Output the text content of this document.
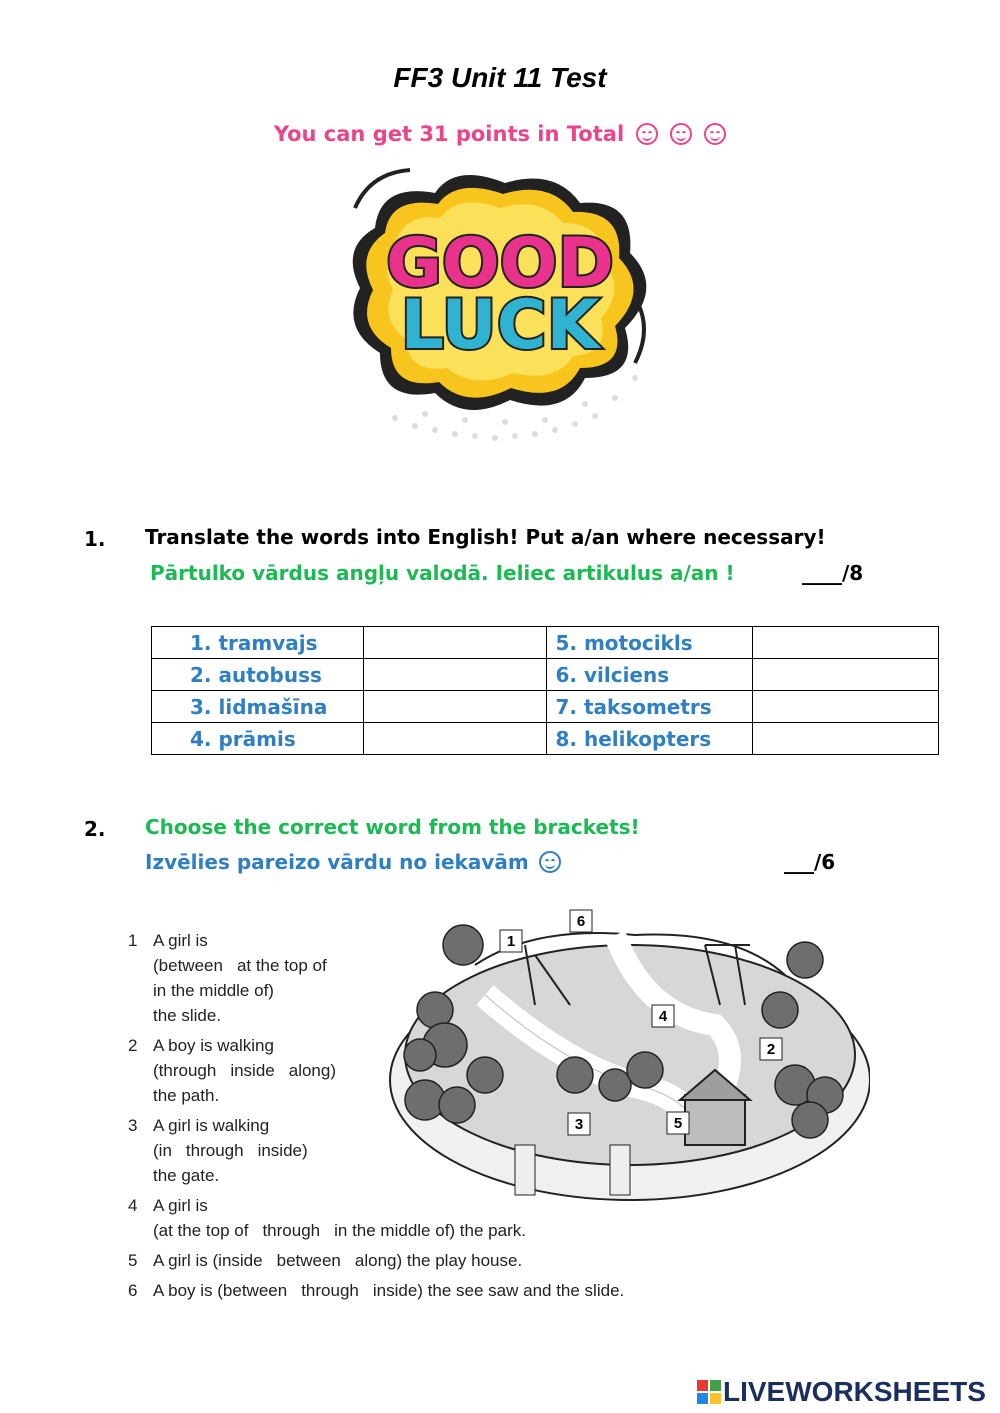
FF3 Unit 11 Test
You can get 31 points in Total
GOOD
LUCK
1. Translate the words into English! Put a/an where necessary!
Pārtulko vārdus angļu valodā. Ieliec artikulus a/an !	____/8
1. tramvajs		5. motocikls	
2. autobuss		6. vilciens	
3. lidmašīna		7. taksometrs	
4. prāmis		8. helikopters	
2. Choose the correct word from the brackets!
Izvēlies pareizo vārdu no iekavām	___/6
1 A girl is
(between at the top of
in the middle of)
the slide.
2 A boy is walking
(through inside along)
the path.
3 A girl is walking
(in through inside)
the gate.
4 A girl is
(at the top of through in the middle of) the park.
5 A girl is (inside between along) the play house.
6 A boy is (between through inside) the see saw and the slide.
1
2
3
4
5
6
LIVEWORKSHEETS
